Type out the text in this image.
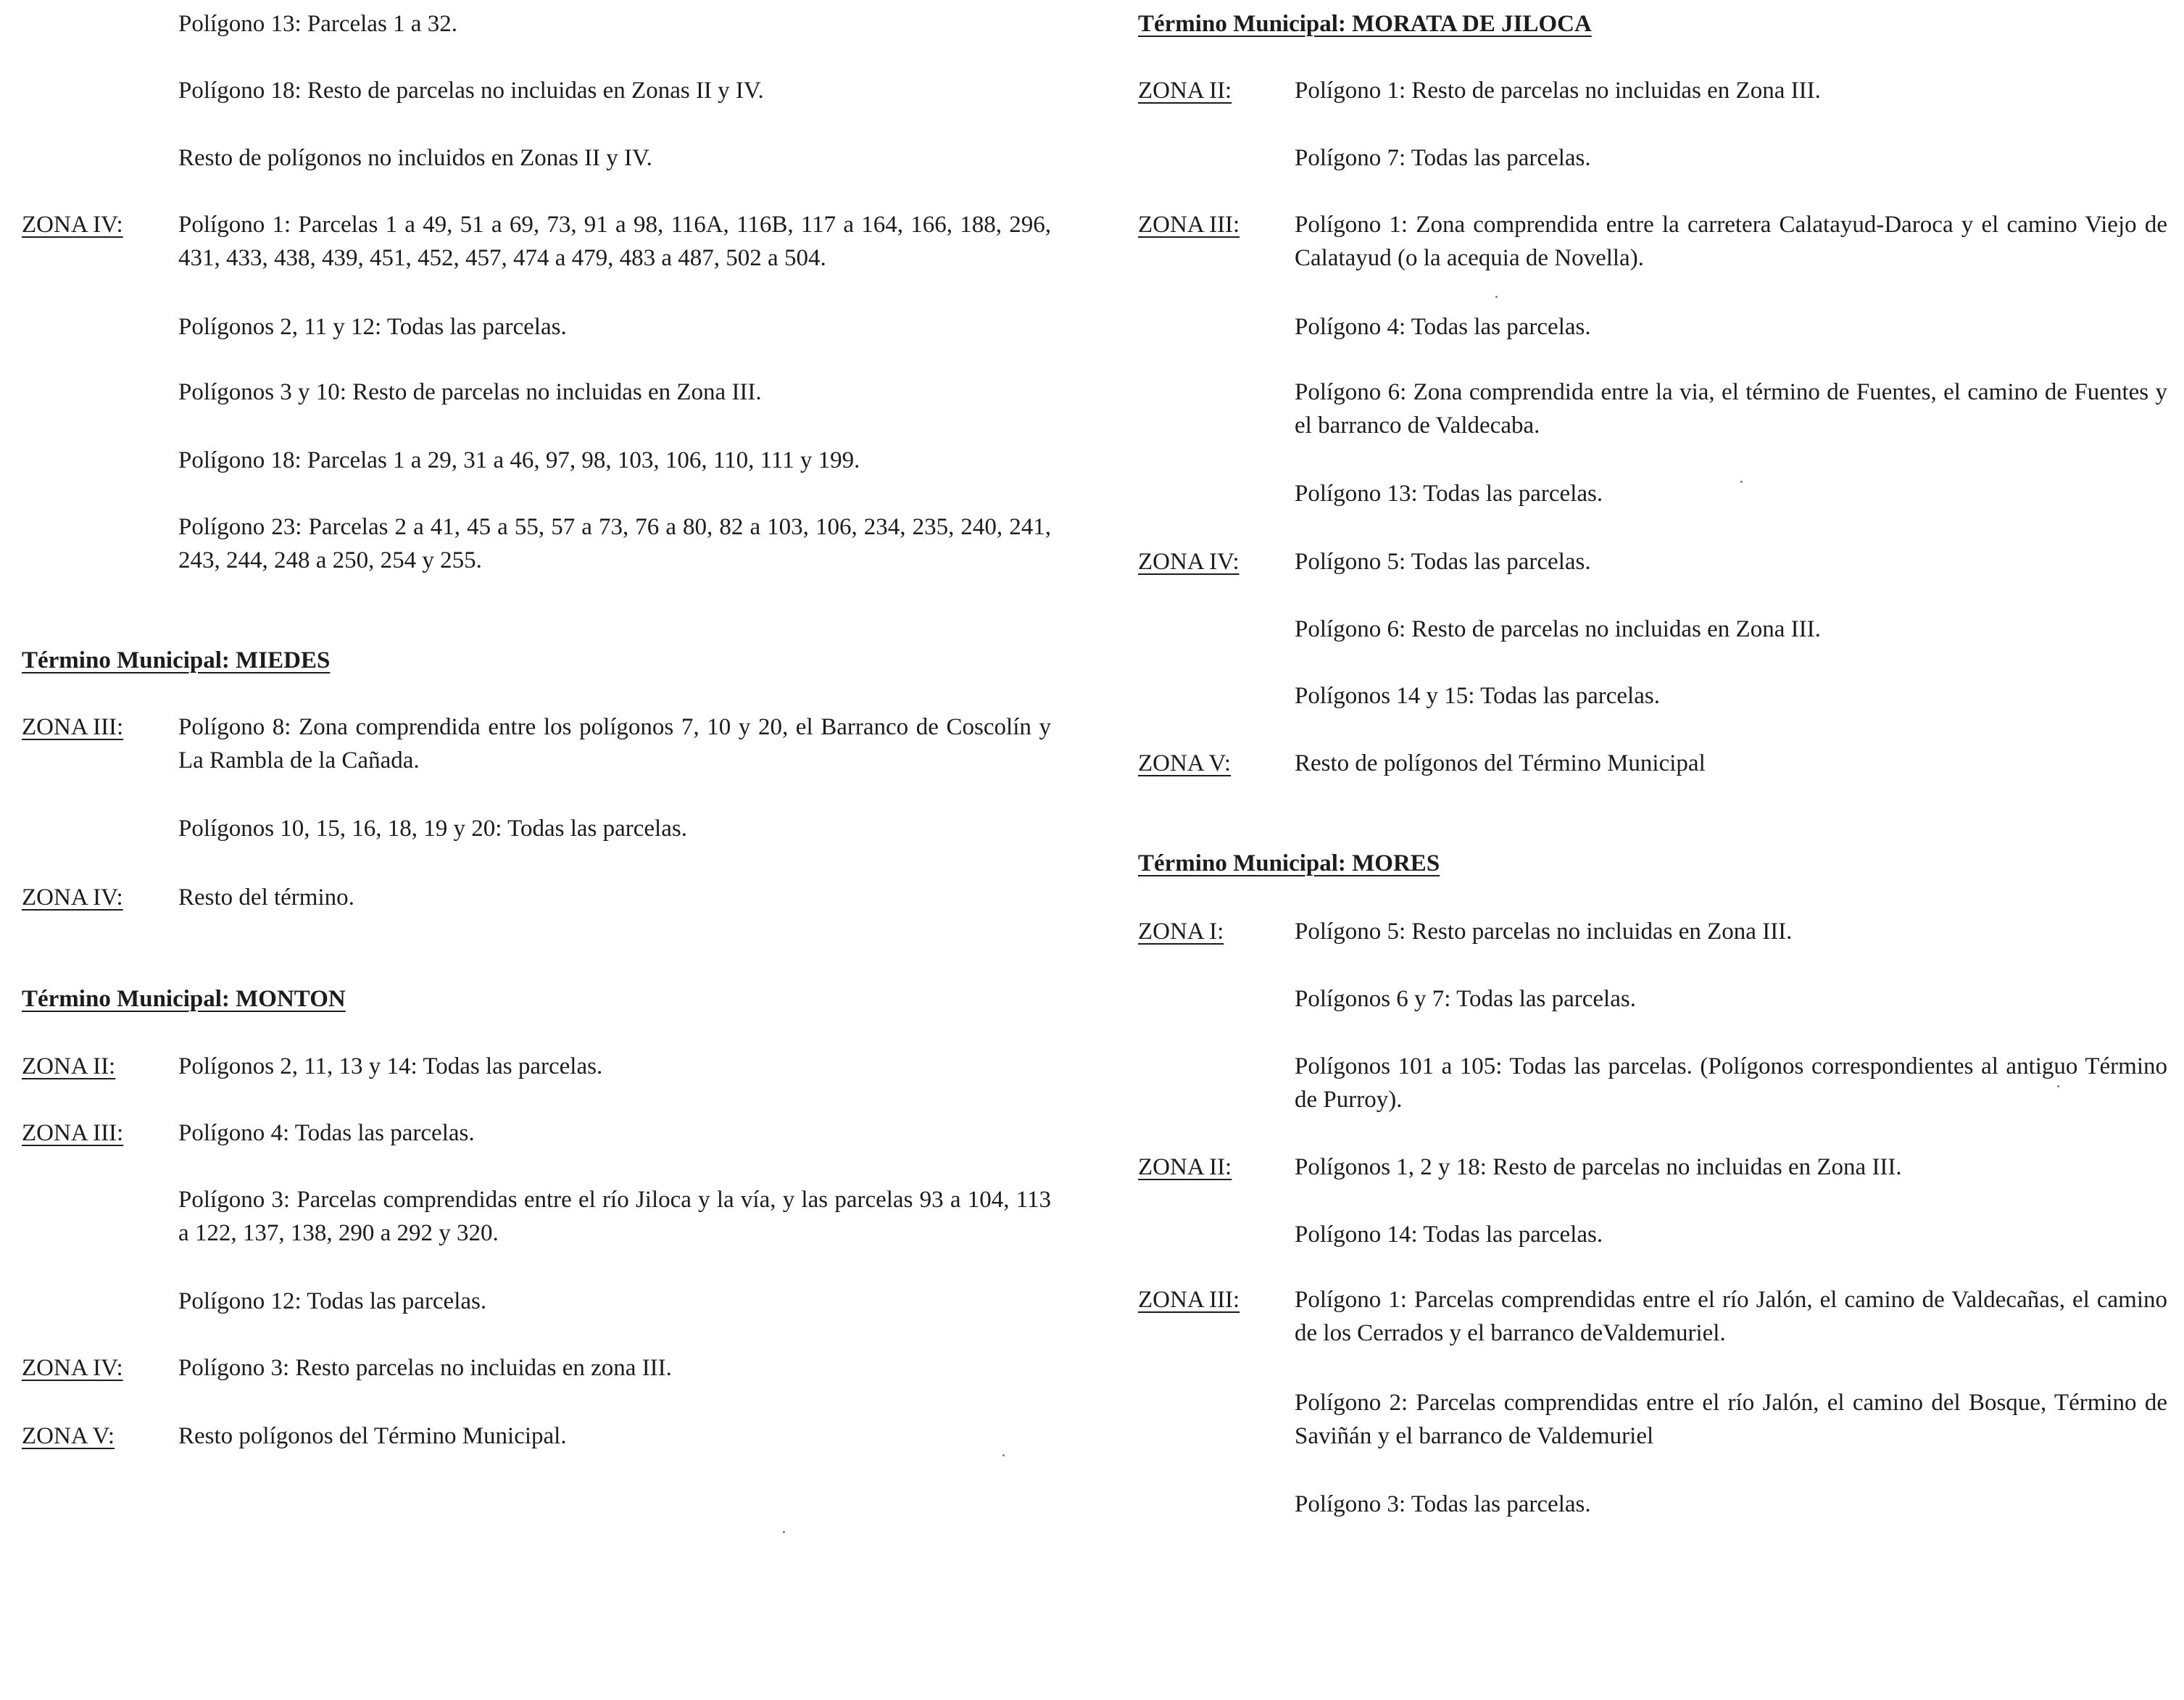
Polígono 13: Parcelas 1 a 32.
Polígono 18: Resto de parcelas no incluidas en Zonas II y IV.
Resto de polígonos no incluidos en Zonas II y IV.
ZONA IV: Polígono 1: Parcelas 1 a 49, 51 a 69, 73, 91 a 98, 116A, 116B, 117 a 164, 166, 188, 296, 431, 433, 438, 439, 451, 452, 457, 474 a 479, 483 a 487, 502 a 504.
Polígonos 2, 11 y 12: Todas las parcelas.
Polígonos 3 y 10: Resto de parcelas no incluidas en Zona III.
Polígono 18: Parcelas 1 a 29, 31 a 46, 97, 98, 103, 106, 110, 111 y 199.
Polígono 23: Parcelas 2 a 41, 45 a 55, 57 a 73, 76 a 80, 82 a 103, 106, 234, 235, 240, 241, 243, 244, 248 a 250, 254 y 255.
Término Municipal: MIEDES
ZONA III: Polígono 8: Zona comprendida entre los polígonos 7, 10 y 20, el Barranco de Coscolín y La Rambla de la Cañada.
Polígonos 10, 15, 16, 18, 19 y 20: Todas las parcelas.
ZONA IV: Resto del término.
Término Municipal: MONTON
ZONA II:	Polígonos 2, 11, 13 y 14: Todas las parcelas.
ZONA III: Polígono 4: Todas las parcelas.
Polígono 3: Parcelas comprendidas entre el río Jiloca y la vía, y las parcelas 93 a 104, 113 a 122, 137, 138, 290 a 292 y 320.
Polígono 12: Todas las parcelas.
ZONA IV: Polígono 3: Resto parcelas no incluidas en zona III.
ZONA V:	Resto polígonos del Término Municipal.
Término Municipal: MORATA DE JILOCA
ZONA II:	Polígono 1: Resto de parcelas no incluidas en Zona III.
Polígono 7: Todas las parcelas.
ZONA III: Polígono 1: Zona comprendida entre la carretera Calatayud-Daroca y el camino Viejo de Calatayud (o la acequia de Novella).
Polígono 4: Todas las parcelas.
Polígono 6: Zona comprendida entre la via, el término de Fuentes, el camino de Fuentes y el barranco de Valdecaba.
Polígono 13: Todas las parcelas.
ZONA IV: Polígono 5: Todas las parcelas.
Polígono 6: Resto de parcelas no incluidas en Zona III.
Polígonos 14 y 15: Todas las parcelas.
ZONA V:	Resto de polígonos del Término Municipal
Término Municipal: MORES
ZONA I:	Polígono 5: Resto parcelas no incluidas en Zona III.
Polígonos 6 y 7: Todas las parcelas.
Polígonos 101 a 105: Todas las parcelas. (Polígonos correspondientes al antiguo Término de Purroy).
ZONA II:	Polígonos 1, 2 y 18: Resto de parcelas no incluidas en Zona III.
Polígono 14: Todas las parcelas.
ZONA III: Polígono 1: Parcelas comprendidas entre el río Jalón, el camino de Valdecañas, el camino de los Cerrados y el barranco deValdemuriel.
Polígono 2: Parcelas comprendidas entre el río Jalón, el camino del Bosque, Término de Saviñán y el barranco de Valdemuriel
Polígono 3: Todas las parcelas.
